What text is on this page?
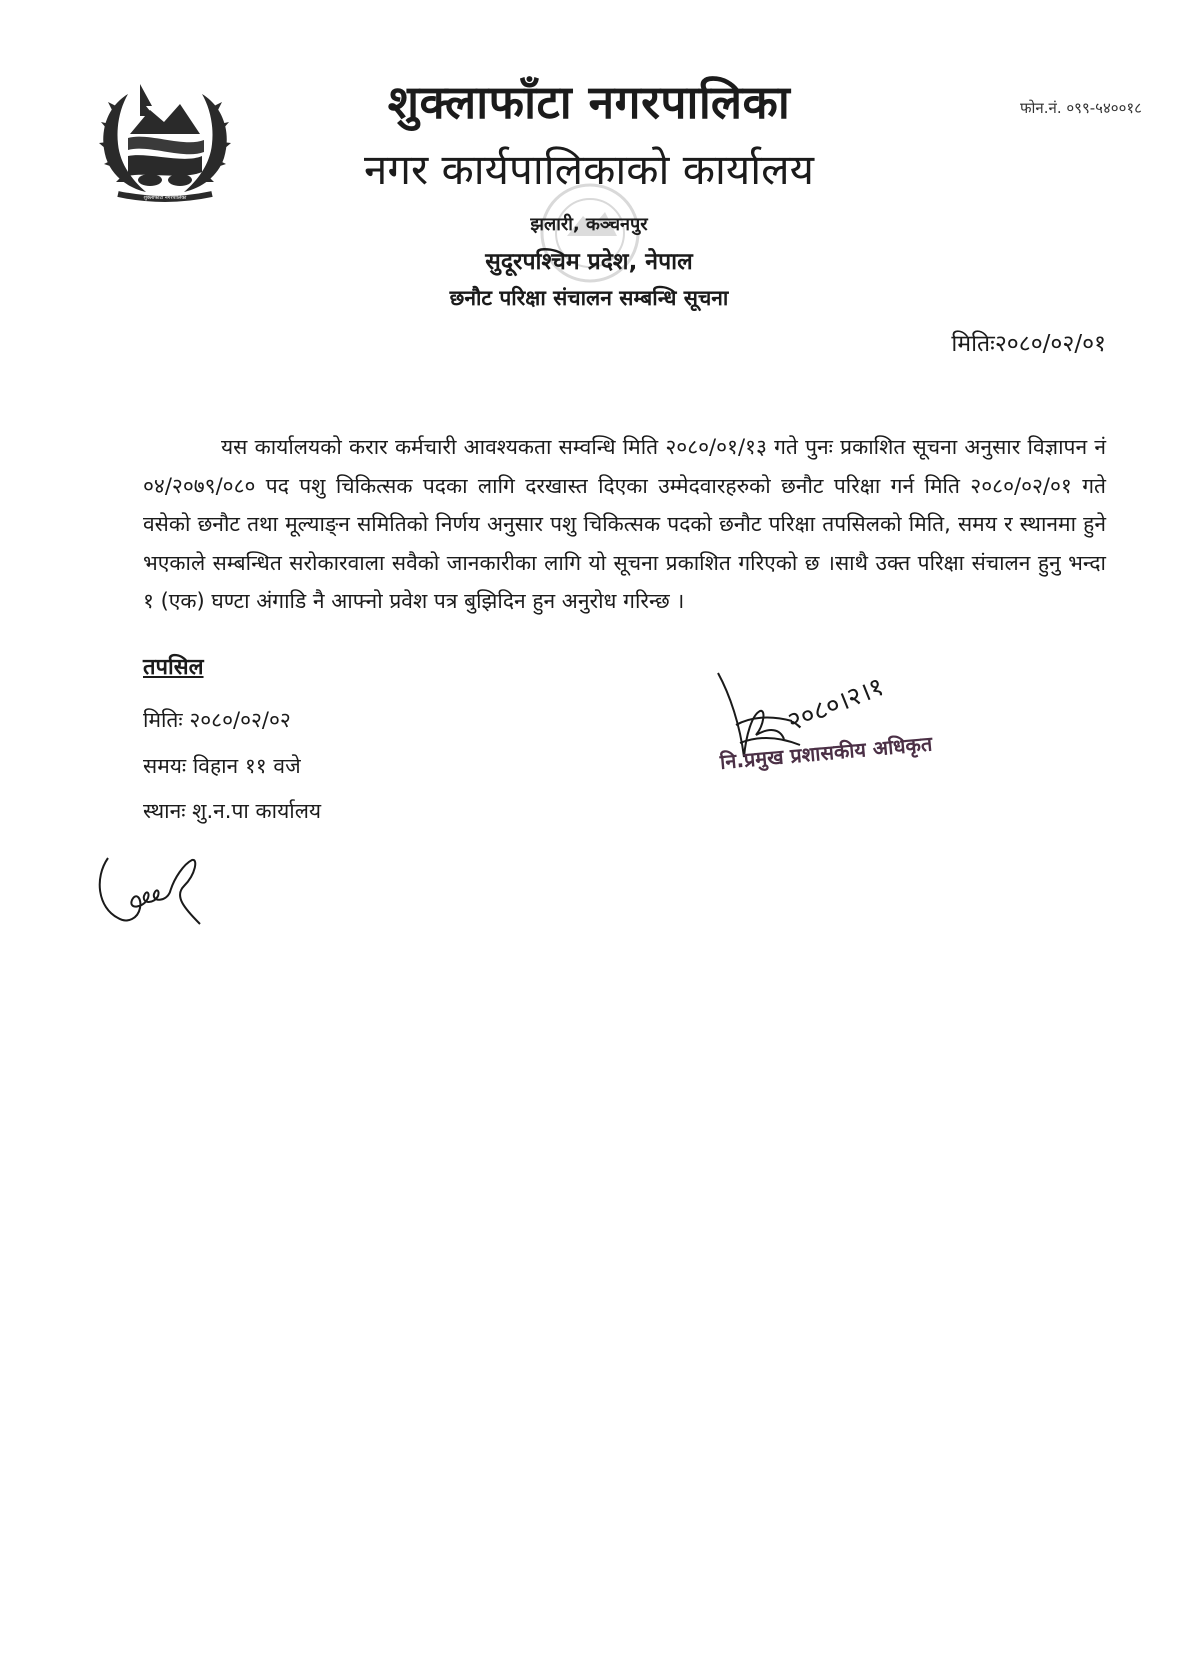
शुक्लाफाँटा नगरपालिका
फोन.नं. ०९९-५४००१८
शुक्लाफाँटा नगरपालिका
नगर कार्यपालिकाको कार्यालय
झलारी, कञ्चनपुर
सुदूरपश्चिम प्रदेश, नेपाल
छनौट परिक्षा संचालन सम्बन्धि सूचना
मितिः२०८०/०२/०१

यस कार्यालयको करार कर्मचारी आवश्यकता सम्वन्धि मिति २०८०/०१/१३ गते पुनः प्रकाशित सूचना अनुसार विज्ञापन नं ०४/२०७९/०८० पद पशु चिकित्सक पदका लागि दरखास्त दिएका उम्मेदवारहरुको छनौट परिक्षा गर्न मिति २०८०/०२/०१ गते वसेको छनौट तथा मूल्याङ्न समितिको निर्णय अनुसार पशु चिकित्सक पदको छनौट परिक्षा तपसिलको मिति, समय र स्थानमा हुने भएकाले सम्बन्धित सरोकारवाला सवैको जानकारीका लागि यो सूचना प्रकाशित गरिएको छ ।साथै उक्त परिक्षा संचालन हुनु भन्दा १ (एक) घण्टा अंगाडि नै आफ्नो प्रवेश पत्र बुझिदिन हुन अनुरोध गरिन्छ ।

तपसिल
मितिः २०८०/०२/०२
समयः विहान ११ वजे
स्थानः शु.न.पा कार्यालय
२०८०।२।१
नि.प्रमुख प्रशासकीय अधिकृत
